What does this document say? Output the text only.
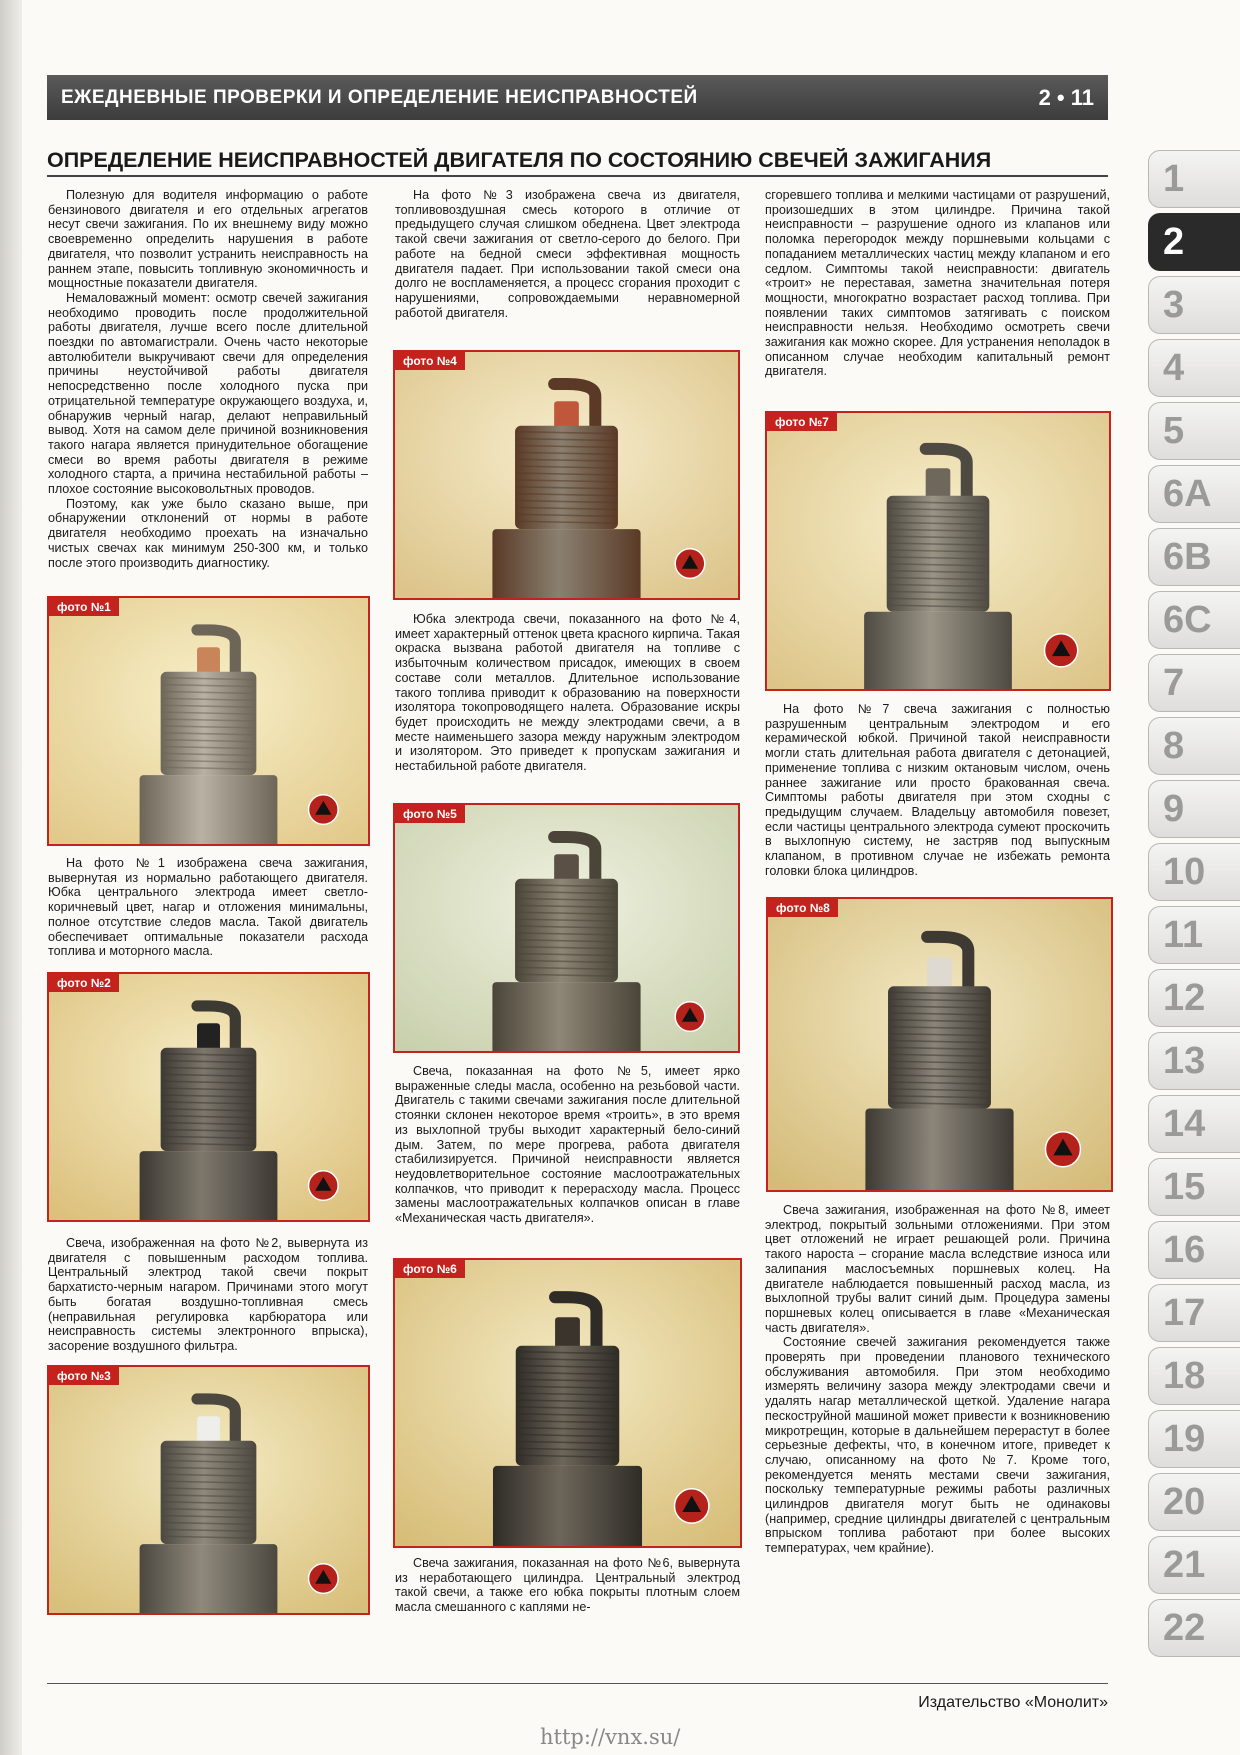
ЕЖЕДНЕВНЫЕ ПРОВЕРКИ И ОПРЕДЕЛЕНИЕ НЕИСПРАВНОСТЕЙ	2 • 11
ОПРЕДЕЛЕНИЕ НЕИСПРАВНОСТЕЙ ДВИГАТЕЛЯ ПО СОСТОЯНИЮ СВЕЧЕЙ ЗАЖИГАНИЯ

Полезную для водителя информацию о работе бензинового двигателя и его отдельных агрегатов несут свечи зажигания. По их внешнему виду можно своевременно определить нарушения в работе двигателя, что позволит устранить неисправность на раннем этапе, повысить топливную экономичность и мощностные показатели двигателя.

Немаловажный момент: осмотр свечей зажигания необходимо проводить после продолжительной работы двигателя, лучше всего после длительной поездки по автомагистрали. Очень часто некоторые автолюбители выкручивают свечи для определения причины неустойчивой работы двигателя непосредственно после холодного пуска при отрицательной температуре окружающего воздуха, и, обнаружив черный нагар, делают неправильный вывод. Хотя на самом деле причиной возникновения такого нагара является принудительное обогащение смеси во время работы двигателя в режиме холодного старта, а причина нестабильной работы – плохое состояние высоковольтных проводов.

Поэтому, как уже было сказано выше, при обнаружении отклонений от нормы в работе двигателя необходимо проехать на изначально чистых свечах как минимум 250-300 км, и только после этого производить диагностику.

фото №1

На фото №1 изображена свеча зажигания, вывернутая из нормально работающего двигателя. Юбка центрального электрода имеет светло-коричневый цвет, нагар и отложения минимальны, полное отсутствие следов масла. Такой двигатель обеспечивает оптимальные показатели расхода топлива и моторного масла.

фото №2

Свеча, изображенная на фото №2, вывернута из двигателя с повышенным расходом топлива. Центральный электрод такой свечи покрыт бархатисто-черным нагаром. Причинами этого могут быть богатая воздушно-топливная смесь (неправильная регулировка карбюратора или неисправность системы электронного впрыска), засорение воздушного фильтра.

фото №3

На фото №3 изображена свеча из двигателя, топливовоздушная смесь которого в отличие от предыдущего случая слишком обеднена. Цвет электрода такой свечи зажигания от светло-серого до белого. При работе на бедной смеси эффективная мощность двигателя падает. При использовании такой смеси она долго не воспламеняется, а процесс сгорания проходит с нарушениями, сопровождаемыми неравномерной работой двигателя.

фото №4

Юбка электрода свечи, показанного на фото №4, имеет характерный оттенок цвета красного кирпича. Такая окраска вызвана работой двигателя на топливе с избыточным количеством присадок, имеющих в своем составе соли металлов. Длительное использование такого топлива приводит к образованию на поверхности изолятора токопроводящего налета. Образование искры будет происходить не между электродами свечи, а в месте наименьшего зазора между наружным электродом и изолятором. Это приведет к пропускам зажигания и нестабильной работе двигателя.

фото №5

Свеча, показанная на фото №5, имеет ярко выраженные следы масла, особенно на резьбовой части. Двигатель с такими свечами зажигания после длительной стоянки склонен некоторое время «троить», в это время из выхлопной трубы выходит характерный бело-синий дым. Затем, по мере прогрева, работа двигателя стабилизируется. Причиной неисправности является неудовлетворительное состояние маслоотражательных колпачков, что приводит к перерасходу масла. Процесс замены маслоотражательных колпачков описан в главе «Механическая часть двигателя».

фото №6

Свеча зажигания, показанная на фото №6, вывернута из неработающего цилиндра. Центральный электрод такой свечи, а также его юбка покрыты плотным слоем масла смешанного с каплями не-

сгоревшего топлива и мелкими частицами от разрушений, произошедших в этом цилиндре. Причина такой неисправности – разрушение одного из клапанов или поломка перегородок между поршневыми кольцами с попаданием металлических частиц между клапаном и его седлом. Симптомы такой неисправности: двигатель «троит» не переставая, заметна значительная потеря мощности, многократно возрастает расход топлива. При появлении таких симптомов затягивать с поиском неисправности нельзя. Необходимо осмотреть свечи зажигания как можно скорее. Для устранения неполадок в описанном случае необходим капитальный ремонт двигателя.

фото №7

На фото №7 свеча зажигания с полностью разрушенным центральным электродом и его керамической юбкой. Причиной такой неисправности могли стать длительная работа двигателя с детонацией, применение топлива с низким октановым числом, очень раннее зажигание или просто бракованная свеча. Симптомы работы двигателя при этом сходны с предыдущим случаем. Владельцу автомобиля повезет, если частицы центрального электрода сумеют проскочить в выхлопную систему, не застряв под выпускным клапаном, в противном случае не избежать ремонта головки блока цилиндров.

фото №8

Свеча зажигания, изображенная на фото №8, имеет электрод, покрытый зольными отложениями. При этом цвет отложений не играет решающей роли. Причина такого нароста – сгорание масла вследствие износа или залипания маслосъемных поршневых колец. На двигателе наблюдается повышенный расход масла, из выхлопной трубы валит синий дым. Процедура замены поршневых колец описывается в главе «Механическая часть двигателя».

Состояние свечей зажигания рекомендуется также проверять при проведении планового технического обслуживания автомобиля. При этом необходимо измерять величину зазора между электродами свечи и удалять нагар металлической щеткой. Удаление нагара пескоструйной машиной может привести к возникновению микротрещин, которые в дальнейшем перерастут в более серьезные дефекты, что, в конечном итоге, приведет к случаю, описанному на фото №7. Кроме того, рекомендуется менять местами свечи зажигания, поскольку температурные режимы работы различных цилиндров двигателя могут быть не одинаковы (например, средние цилиндры двигателей с центральным впрыском топлива работают при более высоких температурах, чем крайние).

1
2
3
4
5
6A
6B
6C
7
8
9
10
11
12
13
14
15
16
17
18
19
20
21
22
Издательство «Монолит»
http://vnx.su/
